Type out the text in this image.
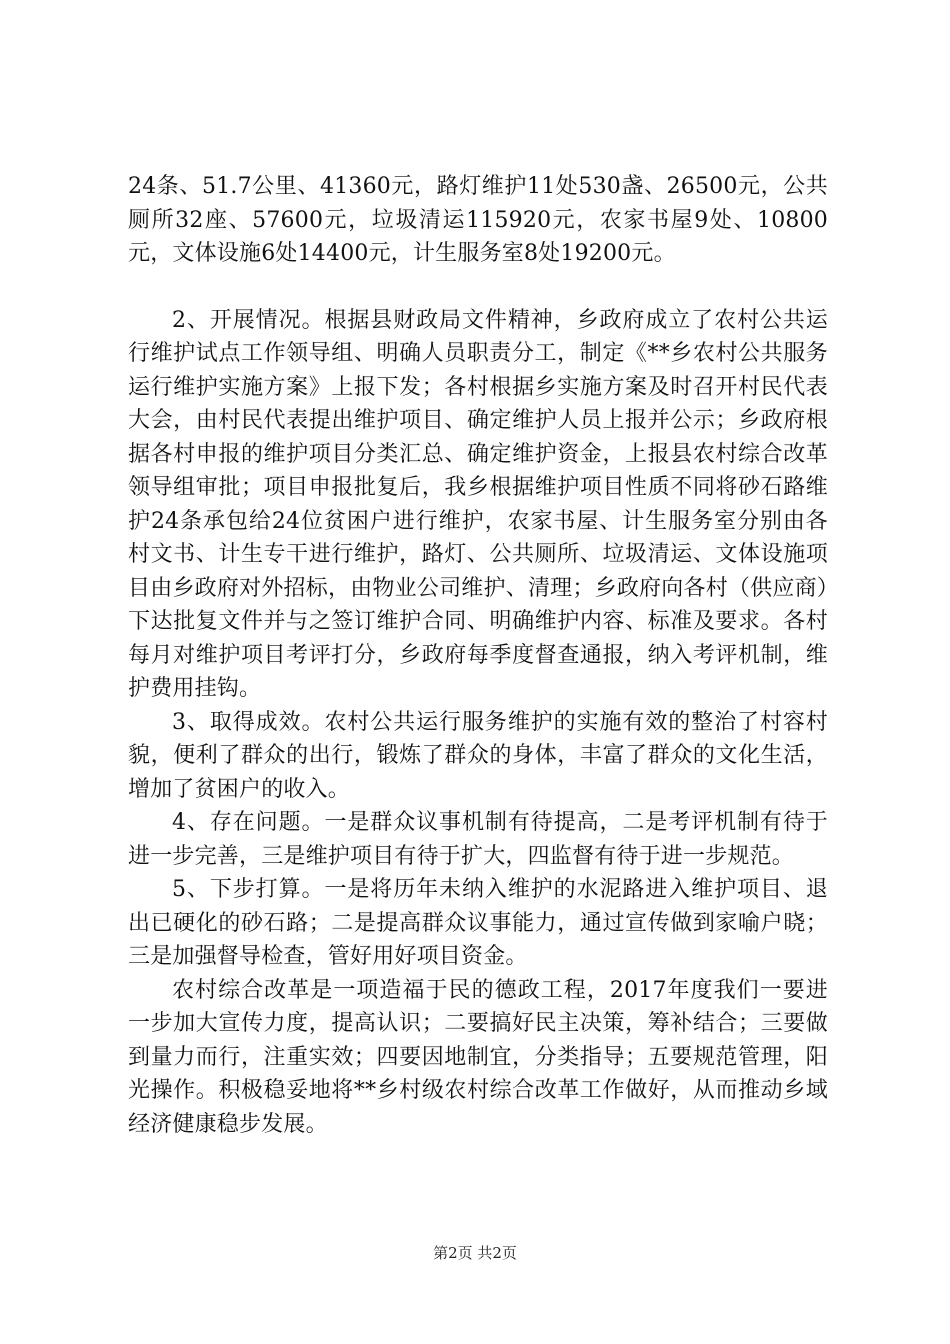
24条、51.7公里、41360元，路灯维护11处530盏、26500元，公共厕所32座、57600元，垃圾清运115920元，农家书屋9处、10800元，文体设施6处14400元，计生服务室8处19200元。

2、开展情况。根据县财政局文件精神，乡政府成立了农村公共运行维护试点工作领导组、明确人员职责分工，制定《**乡农村公共服务运行维护实施方案》上报下发；各村根据乡实施方案及时召开村民代表大会，由村民代表提出维护项目、确定维护人员上报并公示；乡政府根据各村申报的维护项目分类汇总、确定维护资金，上报县农村综合改革领导组审批；项目申报批复后，我乡根据维护项目性质不同将砂石路维护24条承包给24位贫困户进行维护，农家书屋、计生服务室分别由各村文书、计生专干进行维护，路灯、公共厕所、垃圾清运、文体设施项目由乡政府对外招标，由物业公司维护、清理；乡政府向各村（供应商）下达批复文件并与之签订维护合同、明确维护内容、标准及要求。各村每月对维护项目考评打分，乡政府每季度督查通报，纳入考评机制，维护费用挂钩。

3、取得成效。农村公共运行服务维护的实施有效的整治了村容村貌，便利了群众的出行，锻炼了群众的身体，丰富了群众的文化生活，增加了贫困户的收入。

4、存在问题。一是群众议事机制有待提高，二是考评机制有待于进一步完善，三是维护项目有待于扩大，四监督有待于进一步规范。

5、下步打算。一是将历年未纳入维护的水泥路进入维护项目、退出已硬化的砂石路；二是提高群众议事能力，通过宣传做到家喻户晓；三是加强督导检查，管好用好项目资金。

农村综合改革是一项造福于民的德政工程，2017年度我们一要进一步加大宣传力度，提高认识；二要搞好民主决策，筹补结合；三要做到量力而行，注重实效；四要因地制宜，分类指导；五要规范管理，阳光操作。积极稳妥地将**乡村级农村综合改革工作做好，从而推动乡域经济健康稳步发展。

第2页 共2页
